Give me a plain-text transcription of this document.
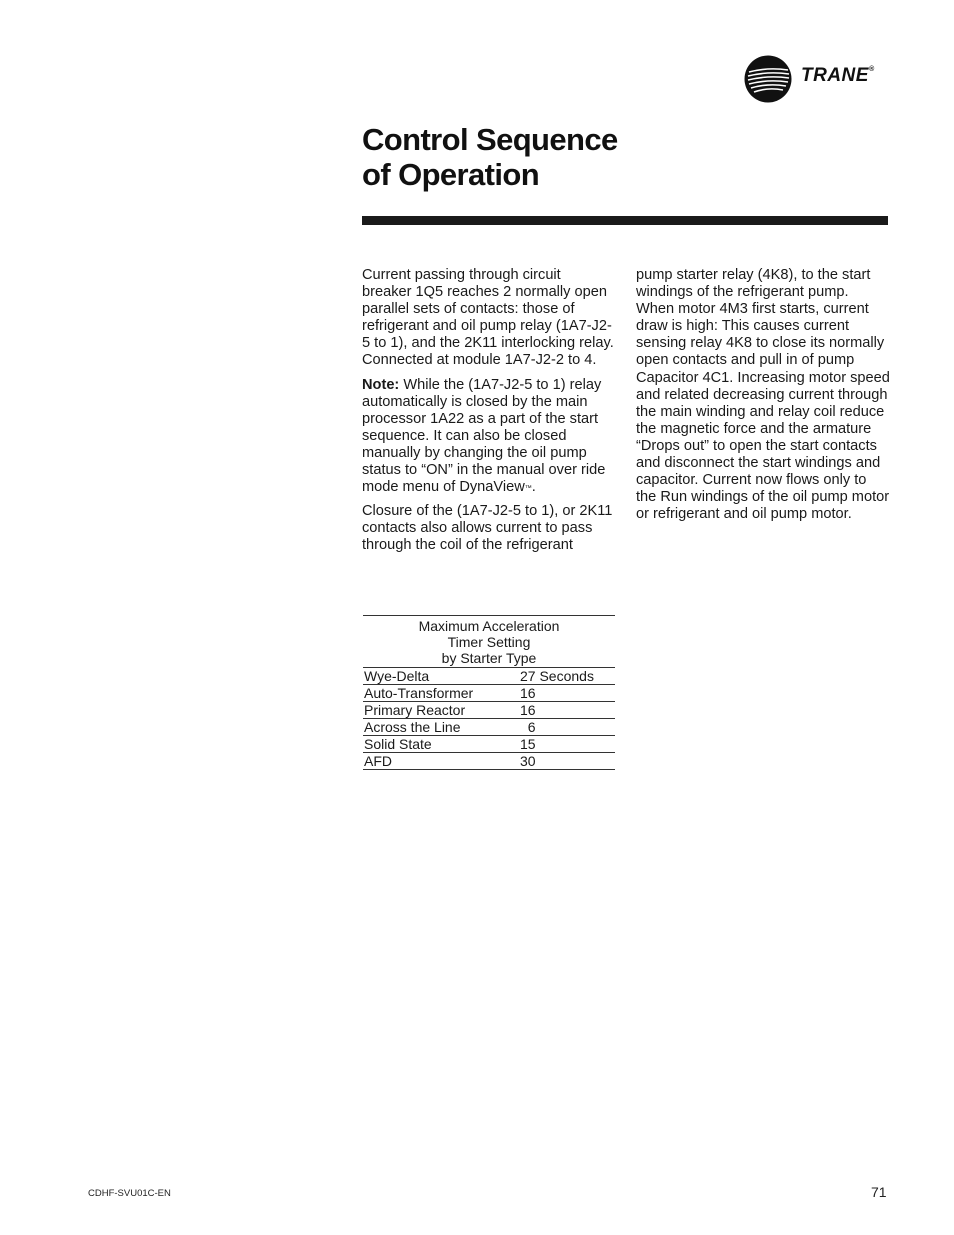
TRANE®
Control Sequence
of Operation

Current passing through circuit breaker 1Q5 reaches 2 normally open parallel sets of contacts: those of refrigerant and oil pump relay (1A7-J2-5 to 1), and the 2K11 interlocking relay. Connected at module 1A7-J2-2 to 4.

Note: While the (1A7-J2-5 to 1) relay automatically is closed by the main processor 1A22 as a part of the start sequence. It can also be closed manually by changing the oil pump status to “ON” in the manual over ride mode menu of DynaView™.

Closure of the (1A7-J2-5 to 1), or 2K11 contacts also allows current to pass through the coil of the refrigerant

pump starter relay (4K8), to the start windings of the refrigerant pump. When motor 4M3 first starts, current draw is high: This causes current sensing relay 4K8 to close its normally open contacts and pull in of pump Capacitor 4C1. Increasing motor speed and related decreasing current through the main winding and relay coil reduce the magnetic force and the armature “Drops out” to open the start contacts and disconnect the start windings and capacitor. Current now flows only to the Run windings of the oil pump motor or refrigerant and oil pump motor.

Maximum Acceleration
Timer Setting
by Starter Type	
Wye-Delta	27 Seconds
Auto-Transformer	16
Primary Reactor	16
Across the Line	6
Solid State	15
AFD	30
CDHF-SVU01C-EN	71
